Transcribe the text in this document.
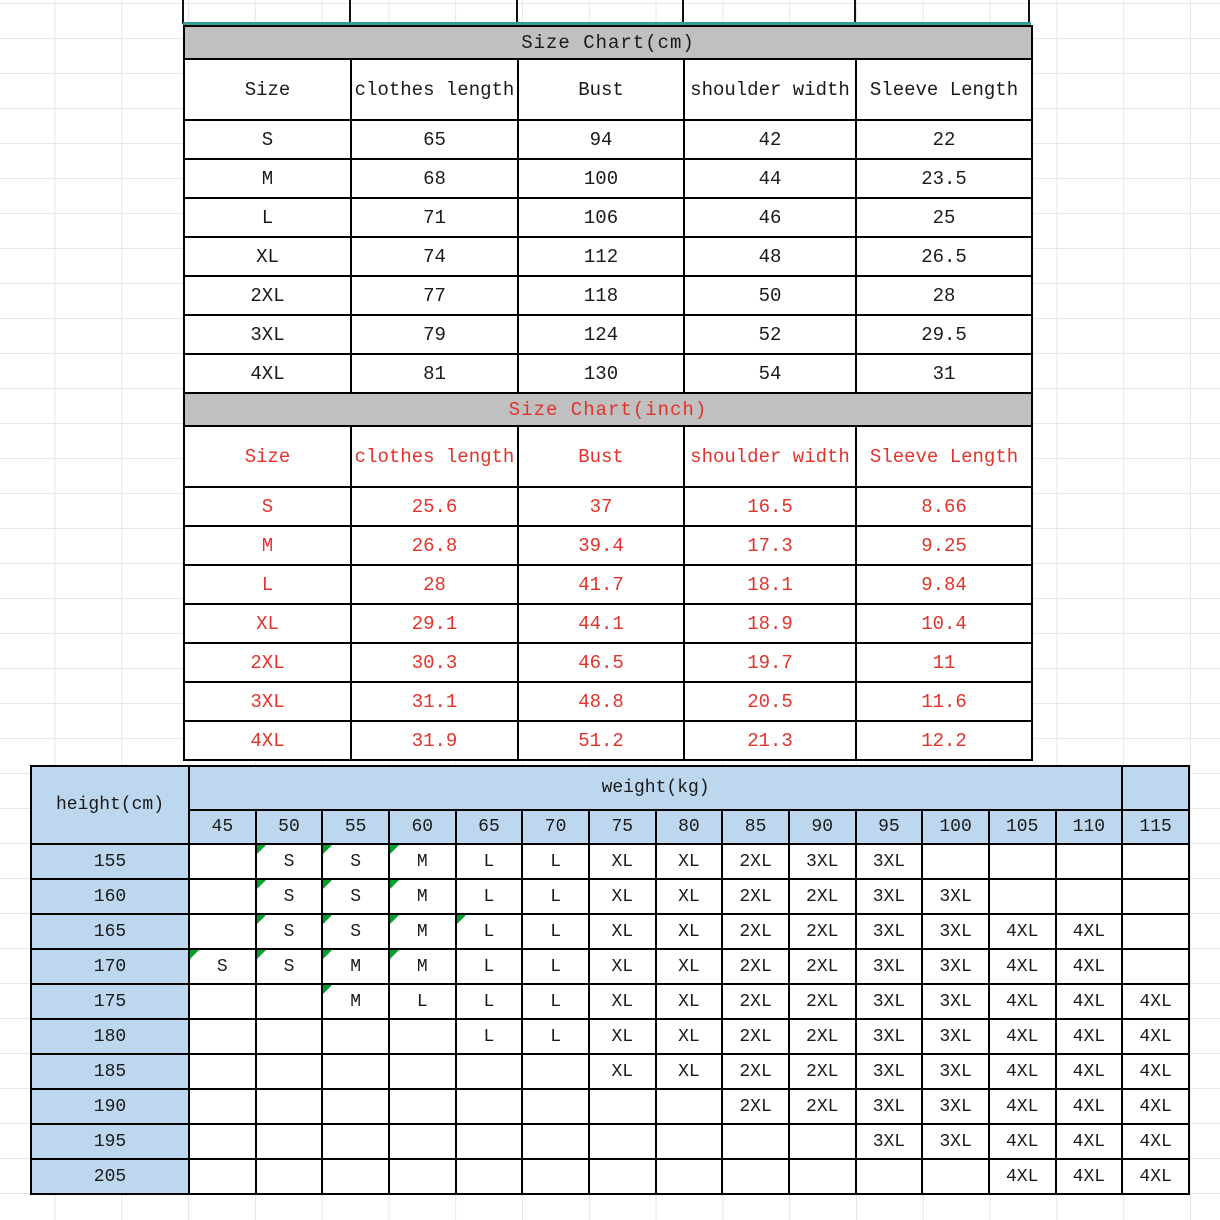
Size Chart(cm)				
Size	clothes length	Bust	shoulder width	Sleeve Length
S	65	94	42	22
M	68	100	44	23.5
L	71	106	46	25
XL	74	112	48	26.5
2XL	77	118	50	28
3XL	79	124	52	29.5
4XL	81	130	54	31
Size Chart(inch)				
Size	clothes length	Bust	shoulder width	Sleeve Length
S	25.6	37	16.5	8.66
M	26.8	39.4	17.3	9.25
L	28	41.7	18.1	9.84
XL	29.1	44.1	18.9	10.4
2XL	30.3	46.5	19.7	11
3XL	31.1	48.8	20.5	11.6
4XL	31.9	51.2	21.3	12.2
height(cm)	weight(kg)														
	45	50	55	60	65	70	75	80	85	90	95	100	105	110	115
155		S	S	M	L	L	XL	XL	2XL	3XL	3XL				
160		S	S	M	L	L	XL	XL	2XL	2XL	3XL	3XL			
165		S	S	M	L	L	XL	XL	2XL	2XL	3XL	3XL	4XL	4XL	
170	S	S	M	M	L	L	XL	XL	2XL	2XL	3XL	3XL	4XL	4XL	
175			M	L	L	L	XL	XL	2XL	2XL	3XL	3XL	4XL	4XL	4XL
180					L	L	XL	XL	2XL	2XL	3XL	3XL	4XL	4XL	4XL
185							XL	XL	2XL	2XL	3XL	3XL	4XL	4XL	4XL
190									2XL	2XL	3XL	3XL	4XL	4XL	4XL
195											3XL	3XL	4XL	4XL	4XL
205													4XL	4XL	4XL
